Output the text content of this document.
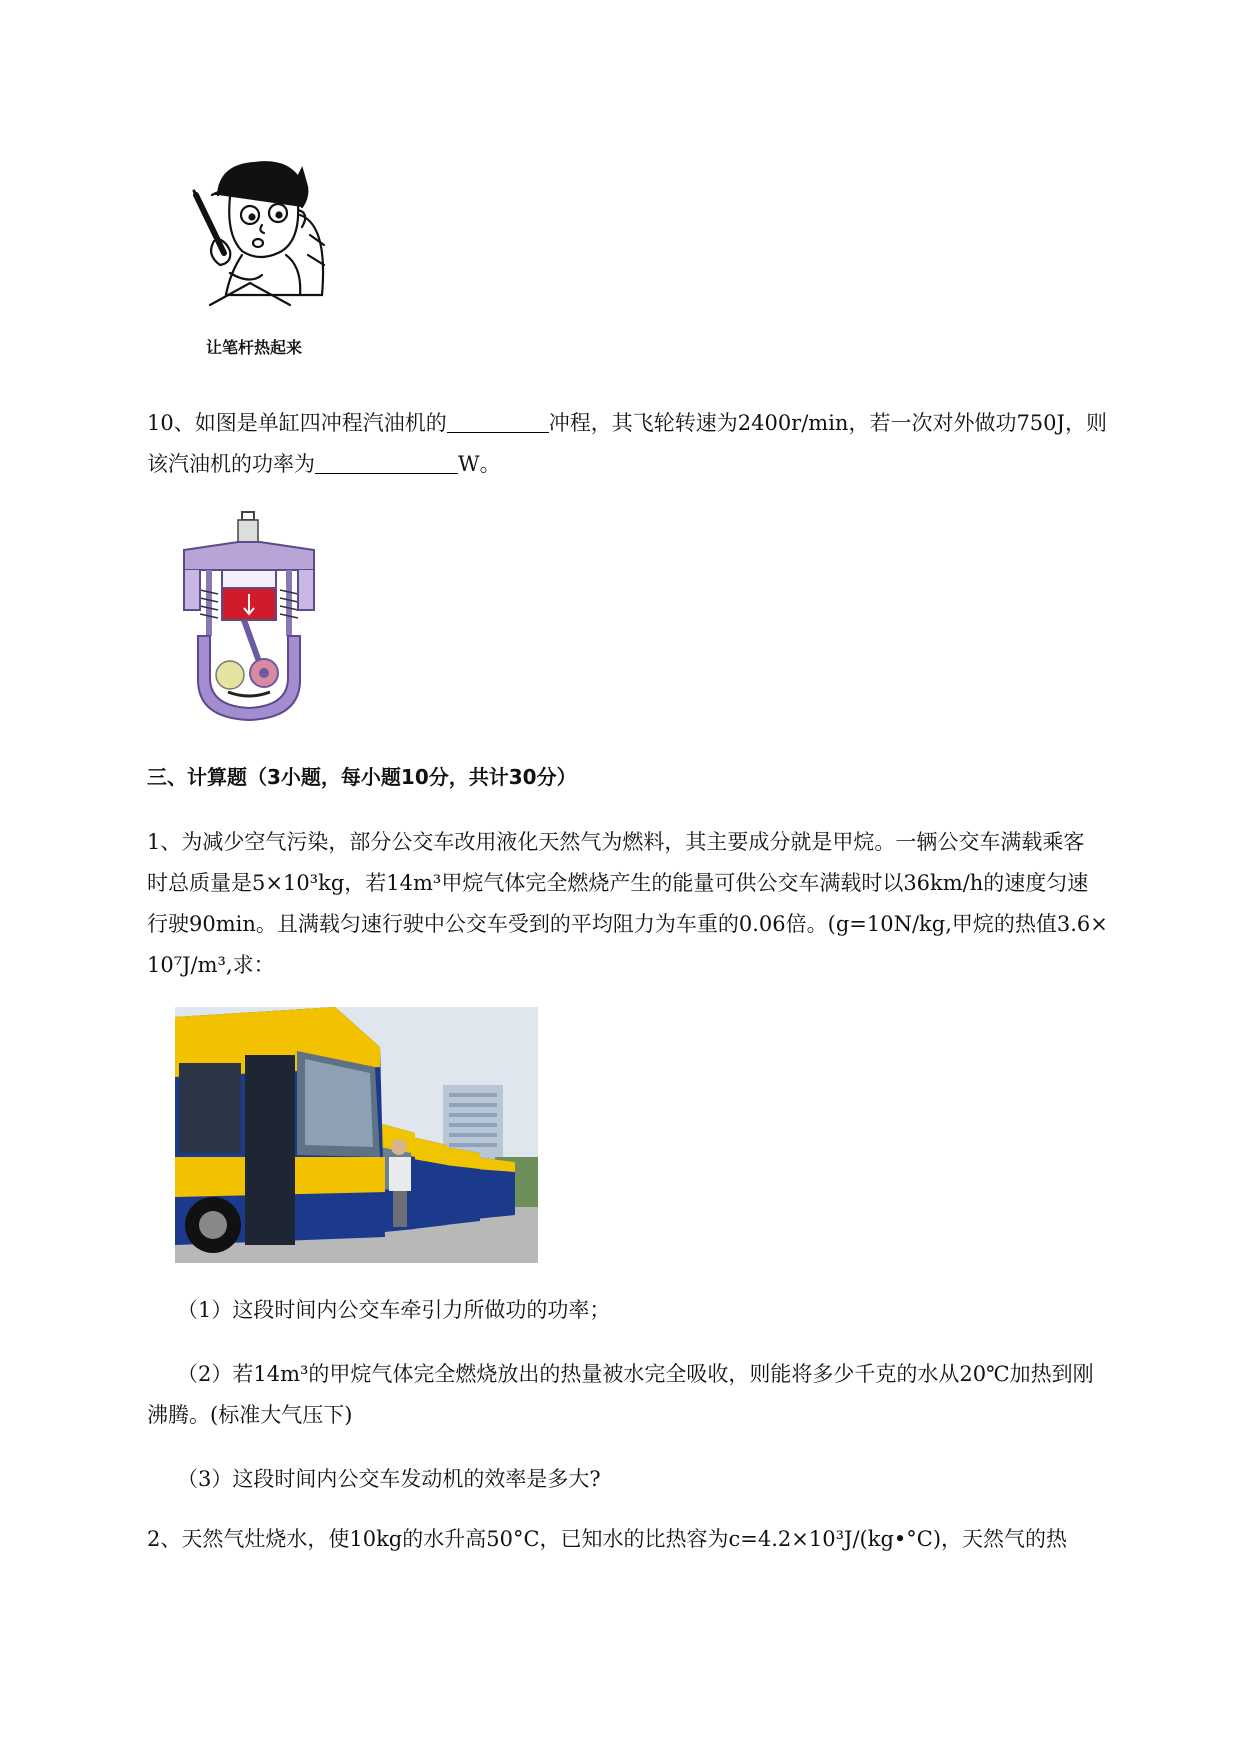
让笔杆热起来
10、如图是单缸四冲程汽油机的	冲程，其飞轮转速为2400r/min，若一次对外做功750J，则
该汽油机的功率为	W。
三、计算题（3小题，每小题10分，共计30分）
1、为减少空气污染，部分公交车改用液化天然气为燃料，其主要成分就是甲烷。一辆公交车满载乘客
时总质量是5×10³kg，若14m³甲烷气体完全燃烧产生的能量可供公交车满载时以36km/h的速度匀速
行驶90min。且满载匀速行驶中公交车受到的平均阻力为车重的0.06倍。(g=10N/kg,甲烷的热值3.6×
10⁷J/m³,求：
（1）这段时间内公交车牵引力所做功的功率；
（2）若14m³的甲烷气体完全燃烧放出的热量被水完全吸收，则能将多少千克的水从20℃加热到刚
沸腾。(标准大气压下)
（3）这段时间内公交车发动机的效率是多大?
2、天然气灶烧水，使10kg的水升高50°C，已知水的比热容为c=4.2×10³J/(kg•°C)，天然气的热
